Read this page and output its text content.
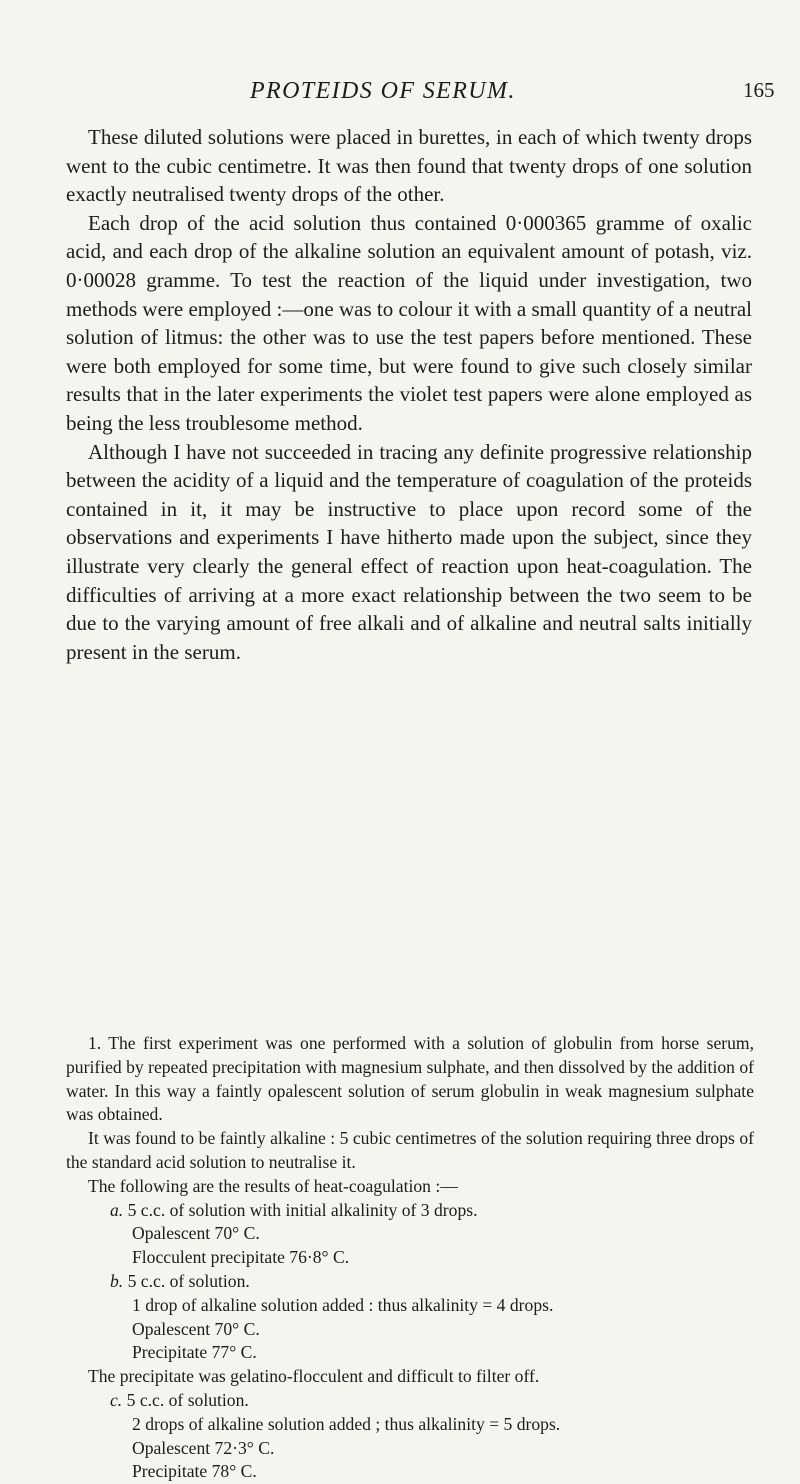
PROTEIDS OF SERUM.	165

These diluted solutions were placed in burettes, in each of which twenty drops went to the cubic centimetre. It was then found that twenty drops of one solution exactly neutralised twenty drops of the other.

Each drop of the acid solution thus contained 0·000365 gramme of oxalic acid, and each drop of the alkaline solution an equivalent amount of potash, viz. 0·00028 gramme. To test the reaction of the liquid under investigation, two methods were employed :—one was to colour it with a small quantity of a neutral solution of litmus: the other was to use the test papers before mentioned. These were both employed for some time, but were found to give such closely similar results that in the later experiments the violet test papers were alone employed as being the less troublesome method.

Although I have not succeeded in tracing any definite progressive relationship between the acidity of a liquid and the temperature of coagulation of the proteids contained in it, it may be instructive to place upon record some of the observations and experiments I have hitherto made upon the subject, since they illustrate very clearly the general effect of reaction upon heat-coagulation. The difficulties of arriving at a more exact relationship between the two seem to be due to the varying amount of free alkali and of alkaline and neutral salts initially present in the serum.

1. The first experiment was one performed with a solution of globulin from horse serum, purified by repeated precipitation with magnesium sulphate, and then dissolved by the addition of water. In this way a faintly opalescent solution of serum globulin in weak magnesium sulphate was obtained.

It was found to be faintly alkaline : 5 cubic centimetres of the solution requiring three drops of the standard acid solution to neutralise it.

The following are the results of heat-coagulation :—

a. 5 c.c. of solution with initial alkalinity of 3 drops.

Opalescent 70° C.

Flocculent precipitate 76·8° C.

b. 5 c.c. of solution.

1 drop of alkaline solution added : thus alkalinity = 4 drops.

Opalescent 70° C.

Precipitate 77° C.

The precipitate was gelatino-flocculent and difficult to filter off.

c. 5 c.c. of solution.

2 drops of alkaline solution added ; thus alkalinity = 5 drops.

Opalescent 72·3° C.

Precipitate 78° C.
